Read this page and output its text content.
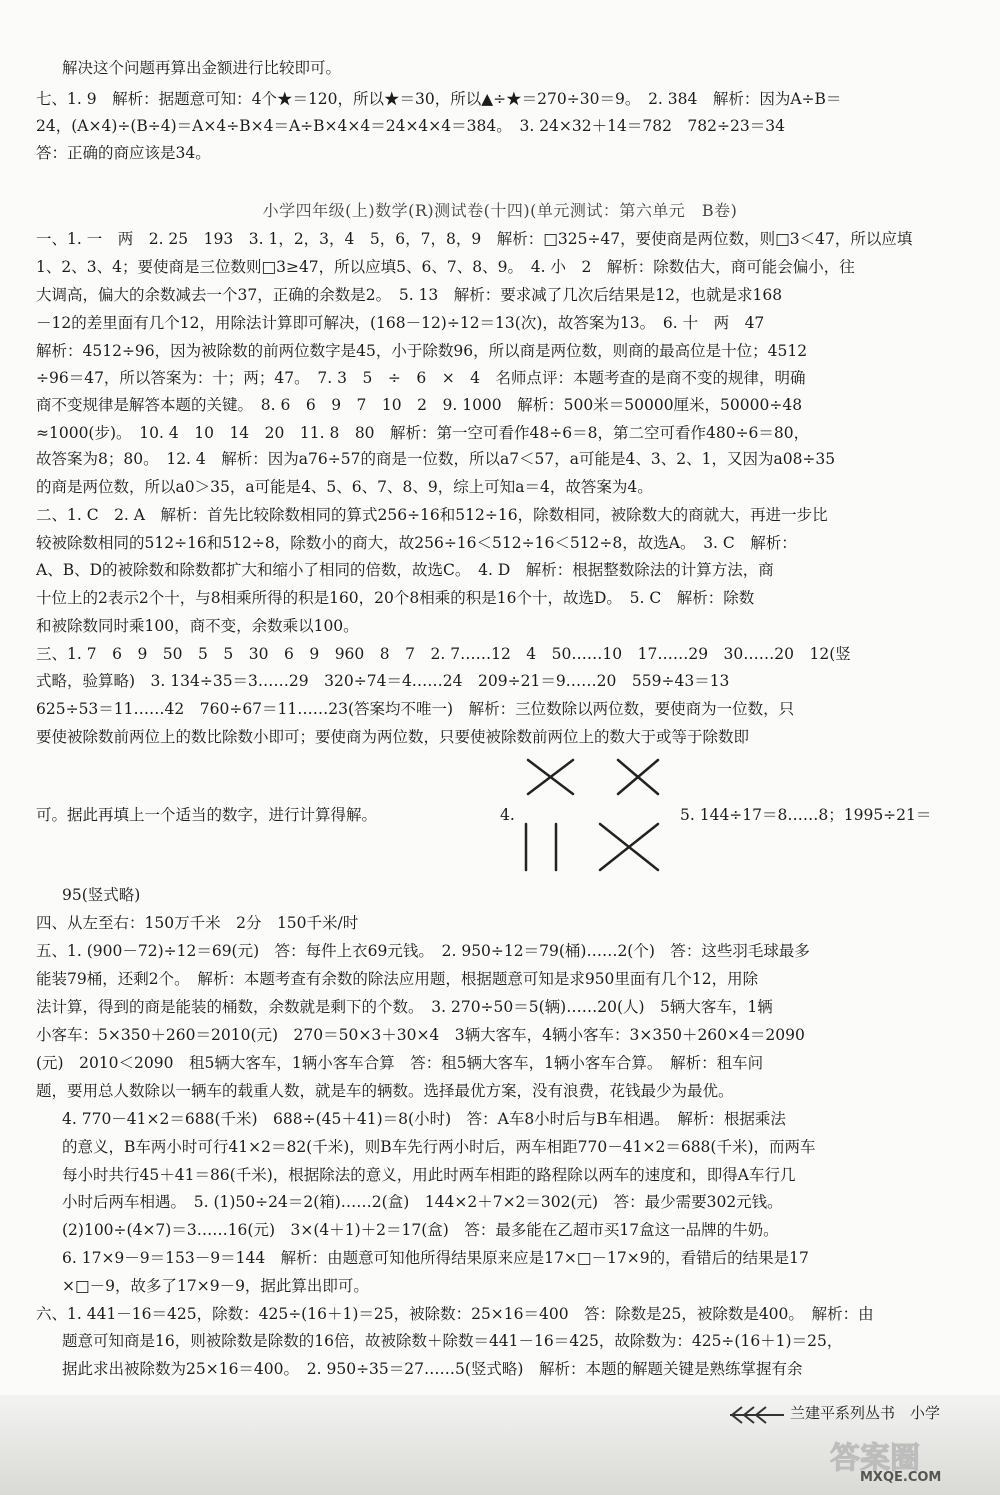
解决这个问题再算出金额进行比较即可。
七、1. 9　解析：据题意可知：4个★＝120，所以★＝30，所以▲÷★＝270÷30＝9。　2. 384　解析：因为A÷B＝
24，(A×4)÷(B÷4)＝A×4÷B×4＝A÷B×4×4＝24×4×4＝384。　3. 24×32＋14＝782　782÷23＝34
答：正确的商应该是34。
小学四年级(上)数学(R)测试卷(十四)(单元测试：第六单元　B卷)
一、1. 一　两　2. 25　193　3. 1，2，3，4　5，6，7，8，9　解析：□325÷47，要使商是两位数，则□3＜47，所以应填
1、2、3、4；要使商是三位数则□3≥47，所以应填5、6、7、8、9。　4. 小　2　解析：除数估大，商可能会偏小，往
大调高，偏大的余数减去一个37，正确的余数是2。　5. 13　解析：要求减了几次后结果是12，也就是求168
－12的差里面有几个12，用除法计算即可解决，(168－12)÷12＝13(次)，故答案为13。　6. 十　两　47
解析：4512÷96，因为被除数的前两位数字是45，小于除数96，所以商是两位数，则商的最高位是十位；4512
÷96＝47，所以答案为：十；两；47。　7. 3　5　÷　6　×　4　名师点评：本题考查的是商不变的规律，明确
商不变规律是解答本题的关键。　8. 6　6　9　7　10　2　9. 1000　解析：500米＝50000厘米，50000÷48
≈1000(步)。　10. 4　10　14　20　11. 8　80　解析：第一空可看作48÷6＝8，第二空可看作480÷6＝80，
故答案为8；80。　12. 4　解析：因为a76÷57的商是一位数，所以a7＜57，a可能是4、3、2、1，又因为a08÷35
的商是两位数，所以a0＞35，a可能是4、5、6、7、8、9，综上可知a＝4，故答案为4。
二、1. C　2. A　解析：首先比较除数相同的算式256÷16和512÷16，除数相同，被除数大的商就大，再进一步比
较被除数相同的512÷16和512÷8，除数小的商大，故256÷16＜512÷16＜512÷8，故选A。　3. C　解析：
A、B、D的被除数和除数都扩大和缩小了相同的倍数，故选C。　4. D　解析：根据整数除法的计算方法，商
十位上的2表示2个十，与8相乘所得的积是160，20个8相乘的积是16个十，故选D。　5. C　解析：除数
和被除数同时乘100，商不变，余数乘以100。
三、1. 7　6　9　50　5　5　30　6　9　960　8　7　2. 7……12　4　50……10　17……29　30……20　12(竖
式略，验算略)　3. 134÷35＝3……29　320÷74＝4……24　209÷21＝9……20　559÷43＝13
625÷53＝11……42　760÷67＝11……23(答案均不唯一)　解析：三位数除以两位数，要使商为一位数，只
要使被除数前两位上的数比除数小即可；要使商为两位数，只要使被除数前两位上的数大于或等于除数即
可。据此再填上一个适当的数字，进行计算得解。	4.	5. 144÷17＝8……8；1995÷21＝
95(竖式略)
四、从左至右：150万千米　2分　150千米/时
五、1. (900－72)÷12＝69(元)　答：每件上衣69元钱。　2. 950÷12＝79(桶)……2(个)　答：这些羽毛球最多
能装79桶，还剩2个。　解析：本题考查有余数的除法应用题，根据题意可知是求950里面有几个12，用除
法计算，得到的商是能装的桶数，余数就是剩下的个数。　3. 270÷50＝5(辆)……20(人)　5辆大客车，1辆
小客车：5×350＋260＝2010(元)　270＝50×3＋30×4　3辆大客车，4辆小客车：3×350＋260×4＝2090
(元)　2010＜2090　租5辆大客车，1辆小客车合算　答：租5辆大客车，1辆小客车合算。　解析：租车问
题，要用总人数除以一辆车的载重人数，就是车的辆数。选择最优方案，没有浪费，花钱最少为最优。
4. 770－41×2＝688(千米)　688÷(45＋41)＝8(小时)　答：A车8小时后与B车相遇。　解析：根据乘法
的意义，B车两小时可行41×2＝82(千米)，则B车先行两小时后，两车相距770－41×2＝688(千米)，而两车
每小时共行45＋41＝86(千米)，根据除法的意义，用此时两车相距的路程除以两车的速度和，即得A车行几
小时后两车相遇。　5. (1)50÷24＝2(箱)……2(盒)　144×2＋7×2＝302(元)　答：最少需要302元钱。
(2)100÷(4×7)＝3……16(元)　3×(4＋1)＋2＝17(盒)　答：最多能在乙超市买17盒这一品牌的牛奶。
6. 17×9－9＝153－9＝144　解析：由题意可知他所得结果原来应是17×□－17×9的，看错后的结果是17
×□－9，故多了17×9－9，据此算出即可。
六、1. 441－16＝425，除数：425÷(16＋1)＝25，被除数：25×16＝400　答：除数是25，被除数是400。　解析：由
题意可知商是16，则被除数是除数的16倍，故被除数＋除数＝441－16＝425，故除数为：425÷(16＋1)＝25，
据此求出被除数为25×16＝400。　2. 950÷35＝27……5(竖式略)　解析：本题的解题关键是熟练掌握有余
兰建平系列丛书　小学
答案圈
MXQE.COM
